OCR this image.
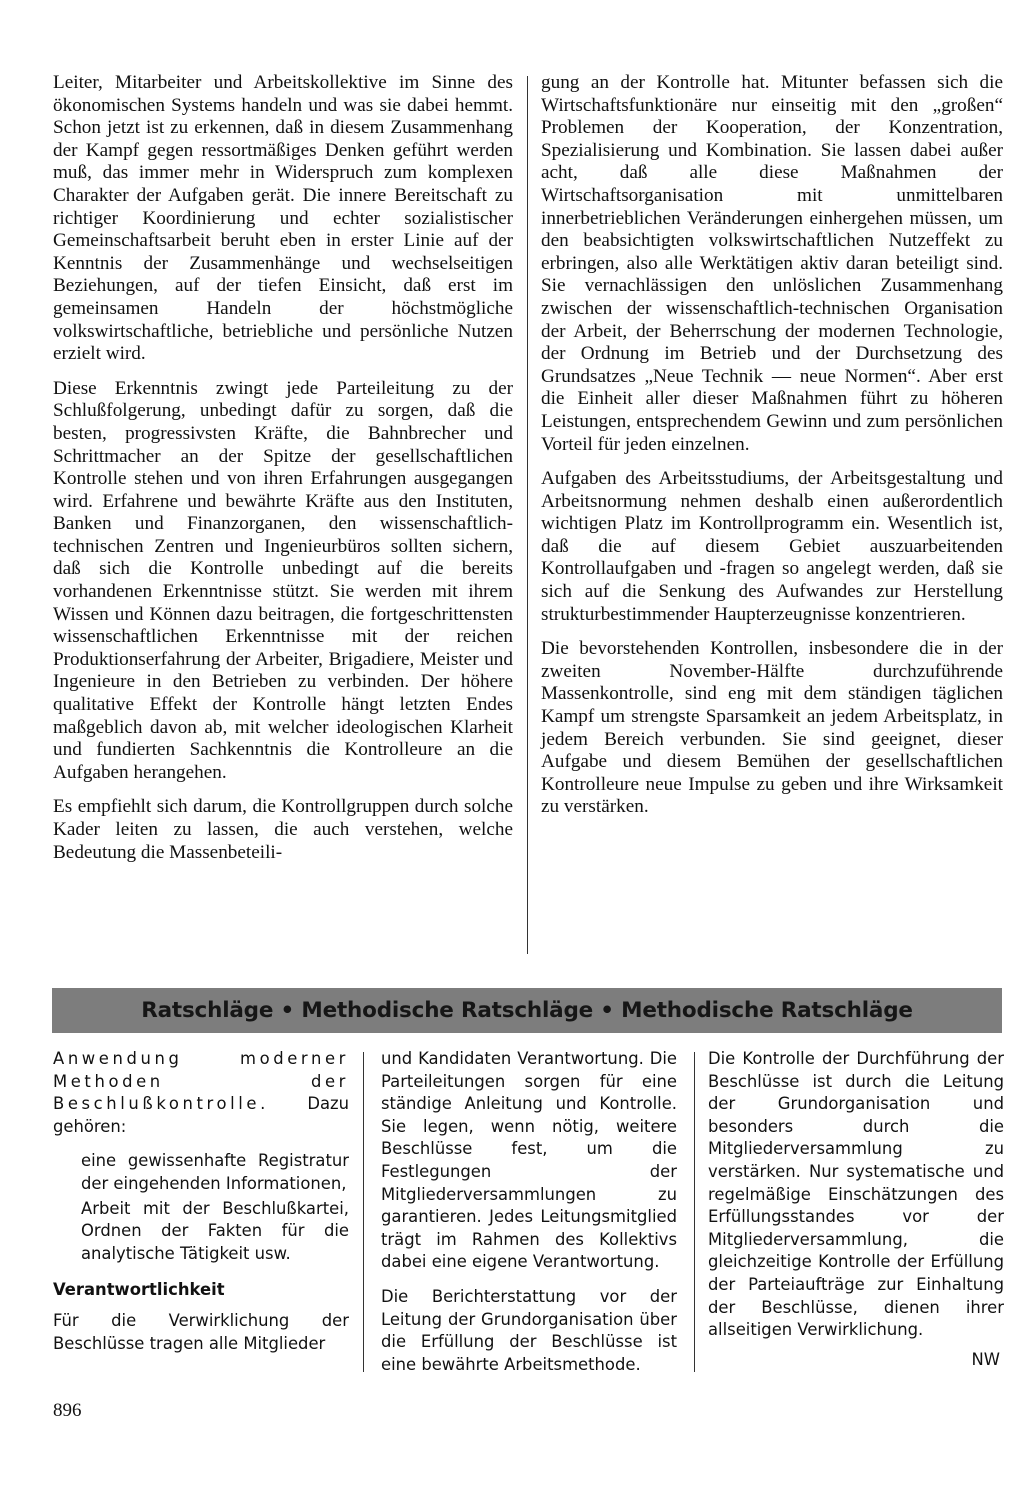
Leiter, Mitarbeiter und Arbeitskollektive im Sinne des ökonomischen Systems handeln und was sie dabei hemmt. Schon jetzt ist zu erkennen, daß in diesem Zusammenhang der Kampf gegen ressortmäßiges Denken geführt werden muß, das immer mehr in Widerspruch zum komplexen Charakter der Aufgaben gerät. Die innere Bereitschaft zu richtiger Koordinierung und echter sozialistischer Gemeinschaftsarbeit beruht eben in erster Linie auf der Kenntnis der Zusammenhänge und wechselseitigen Beziehungen, auf der tiefen Einsicht, daß erst im gemeinsamen Handeln der höchstmögliche volkswirtschaftliche, betriebliche und persönliche Nutzen erzielt wird.

Diese Erkenntnis zwingt jede Parteileitung zu der Schlußfolgerung, unbedingt dafür zu sorgen, daß die besten, progressivsten Kräfte, die Bahnbrecher und Schrittmacher an der Spitze der gesellschaftlichen Kontrolle stehen und von ihren Erfahrungen ausgegangen wird. Erfahrene und bewährte Kräfte aus den Instituten, Banken und Finanzorganen, den wissenschaftlich-technischen Zentren und Ingenieurbüros sollten sichern, daß sich die Kontrolle unbedingt auf die bereits vorhandenen Erkenntnisse stützt. Sie werden mit ihrem Wissen und Können dazu beitragen, die fortgeschrittensten wissenschaftlichen Erkenntnisse mit der reichen Produktionserfahrung der Arbeiter, Brigadiere, Meister und Ingenieure in den Betrieben zu verbinden. Der höhere qualitative Effekt der Kontrolle hängt letzten Endes maßgeblich davon ab, mit welcher ideologischen Klarheit und fundierten Sachkenntnis die Kontrolleure an die Aufgaben herangehen.

Es empfiehlt sich darum, die Kontrollgruppen durch solche Kader leiten zu lassen, die auch verstehen, welche Bedeutung die Massenbeteili-

gung an der Kontrolle hat. Mitunter befassen sich die Wirtschaftsfunktionäre nur einseitig mit den „großen“ Problemen der Kooperation, der Konzentration, Spezialisierung und Kombination. Sie lassen dabei außer acht, daß alle diese Maßnahmen der Wirtschaftsorganisation mit unmittelbaren innerbetrieblichen Veränderungen einhergehen müssen, um den beabsichtigten volkswirtschaftlichen Nutzeffekt zu erbringen, also alle Werktätigen aktiv daran beteiligt sind. Sie vernachlässigen den unlöslichen Zusammenhang zwischen der wissenschaftlich-technischen Organisation der Arbeit, der Beherrschung der modernen Technologie, der Ordnung im Betrieb und der Durchsetzung des Grundsatzes „Neue Technik — neue Normen“. Aber erst die Einheit aller dieser Maßnahmen führt zu höheren Leistungen, entsprechendem Gewinn und zum persönlichen Vorteil für jeden einzelnen.

Aufgaben des Arbeitsstudiums, der Arbeitsgestaltung und Arbeitsnormung nehmen deshalb einen außerordentlich wichtigen Platz im Kontrollprogramm ein. Wesentlich ist, daß die auf diesem Gebiet auszuarbeitenden Kontrollaufgaben und -fragen so angelegt werden, daß sie sich auf die Senkung des Aufwandes zur Herstellung strukturbestimmender Haupterzeugnisse konzentrieren.

Die bevorstehenden Kontrollen, insbesondere die in der zweiten November-Hälfte durchzuführende Massenkontrolle, sind eng mit dem ständigen täglichen Kampf um strengste Sparsamkeit an jedem Arbeitsplatz, in jedem Bereich verbunden. Sie sind geeignet, dieser Aufgabe und diesem Bemühen der gesellschaftlichen Kontrolleure neue Impulse zu geben und ihre Wirksamkeit zu verstärken.

Ratschläge • Methodische Ratschläge • Methodische Ratschläge

Anwendung moderner Methoden der Beschlußkontrolle. Dazu gehören:

eine gewissenhafte Registratur der eingehenden Informationen,
Arbeit mit der Beschlußkartei, Ordnen der Fakten für die analytische Tätigkeit usw.
Verantwortlichkeit

Für die Verwirklichung der Beschlüsse tragen alle Mitglieder

und Kandidaten Verantwortung. Die Parteileitungen sorgen für eine ständige Anleitung und Kontrolle. Sie legen, wenn nötig, weitere Beschlüsse fest, um die Festlegungen der Mitgliederversammlungen zu garantieren. Jedes Leitungsmitglied trägt im Rahmen des Kollektivs dabei eine eigene Verantwortung.

Die Berichterstattung vor der Leitung der Grundorganisation über die Erfüllung der Beschlüsse ist eine bewährte Arbeitsmethode.

Die Kontrolle der Durchführung der Beschlüsse ist durch die Leitung der Grundorganisation und besonders durch die Mitgliederversammlung zu verstärken. Nur systematische und regelmäßige Einschätzungen des Erfüllungsstandes vor der Mitgliederversammlung, die gleichzeitige Kontrolle der Erfüllung der Parteiaufträge zur Einhaltung der Beschlüsse, dienen ihrer allseitigen Verwirklichung.

NW
896
